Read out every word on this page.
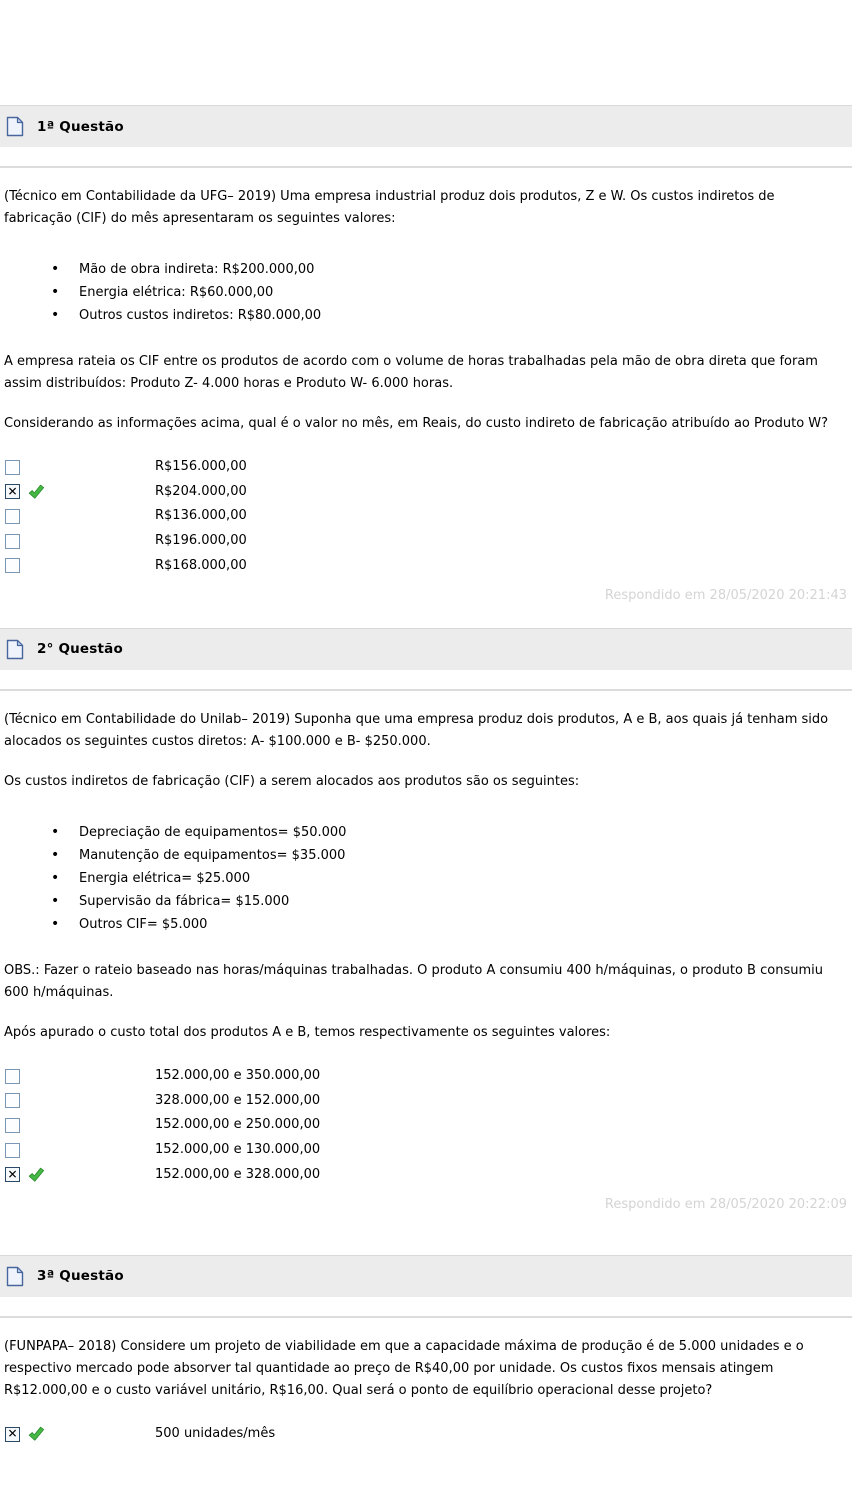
1ª Questão

(Técnico em Contabilidade da UFG– 2019) Uma empresa industrial produz dois produtos, Z e W. Os custos indiretos de fabricação (CIF) do mês apresentaram os seguintes valores:

• Mão de obra indireta: R$200.000,00
• Energia elétrica: R$60.000,00
• Outros custos indiretos: R$80.000,00

A empresa rateia os CIF entre os produtos de acordo com o volume de horas trabalhadas pela mão de obra direta que foram assim distribuídos: Produto Z- 4.000 horas e Produto W- 6.000 horas.

Considerando as informações acima, qual é o valor no mês, em Reais, do custo indireto de fabricação atribuído ao Produto W?

R$156.000,00
✕	R$204.000,00
R$136.000,00
R$196.000,00
R$168.000,00
Respondido em 28/05/2020 20:21:43
2° Questão

(Técnico em Contabilidade do Unilab– 2019) Suponha que uma empresa produz dois produtos, A e B, aos quais já tenham sido alocados os seguintes custos diretos: A- $100.000 e B- $250.000.

Os custos indiretos de fabricação (CIF) a serem alocados aos produtos são os seguintes:

• Depreciação de equipamentos= $50.000
• Manutenção de equipamentos= $35.000
• Energia elétrica= $25.000
• Supervisão da fábrica= $15.000
• Outros CIF= $5.000

OBS.: Fazer o rateio baseado nas horas/máquinas trabalhadas. O produto A consumiu 400 h/máquinas, o produto B consumiu 600 h/máquinas.

Após apurado o custo total dos produtos A e B, temos respectivamente os seguintes valores:

152.000,00 e 350.000,00
328.000,00 e 152.000,00
152.000,00 e 250.000,00
152.000,00 e 130.000,00
✕	152.000,00 e 328.000,00
Respondido em 28/05/2020 20:22:09
3ª Questão

(FUNPAPA– 2018) Considere um projeto de viabilidade em que a capacidade máxima de produção é de 5.000 unidades e o respectivo mercado pode absorver tal quantidade ao preço de R$40,00 por unidade. Os custos fixos mensais atingem R$12.000,00 e o custo variável unitário, R$16,00. Qual será o ponto de equilíbrio operacional desse projeto?

✕	500 unidades/mês
